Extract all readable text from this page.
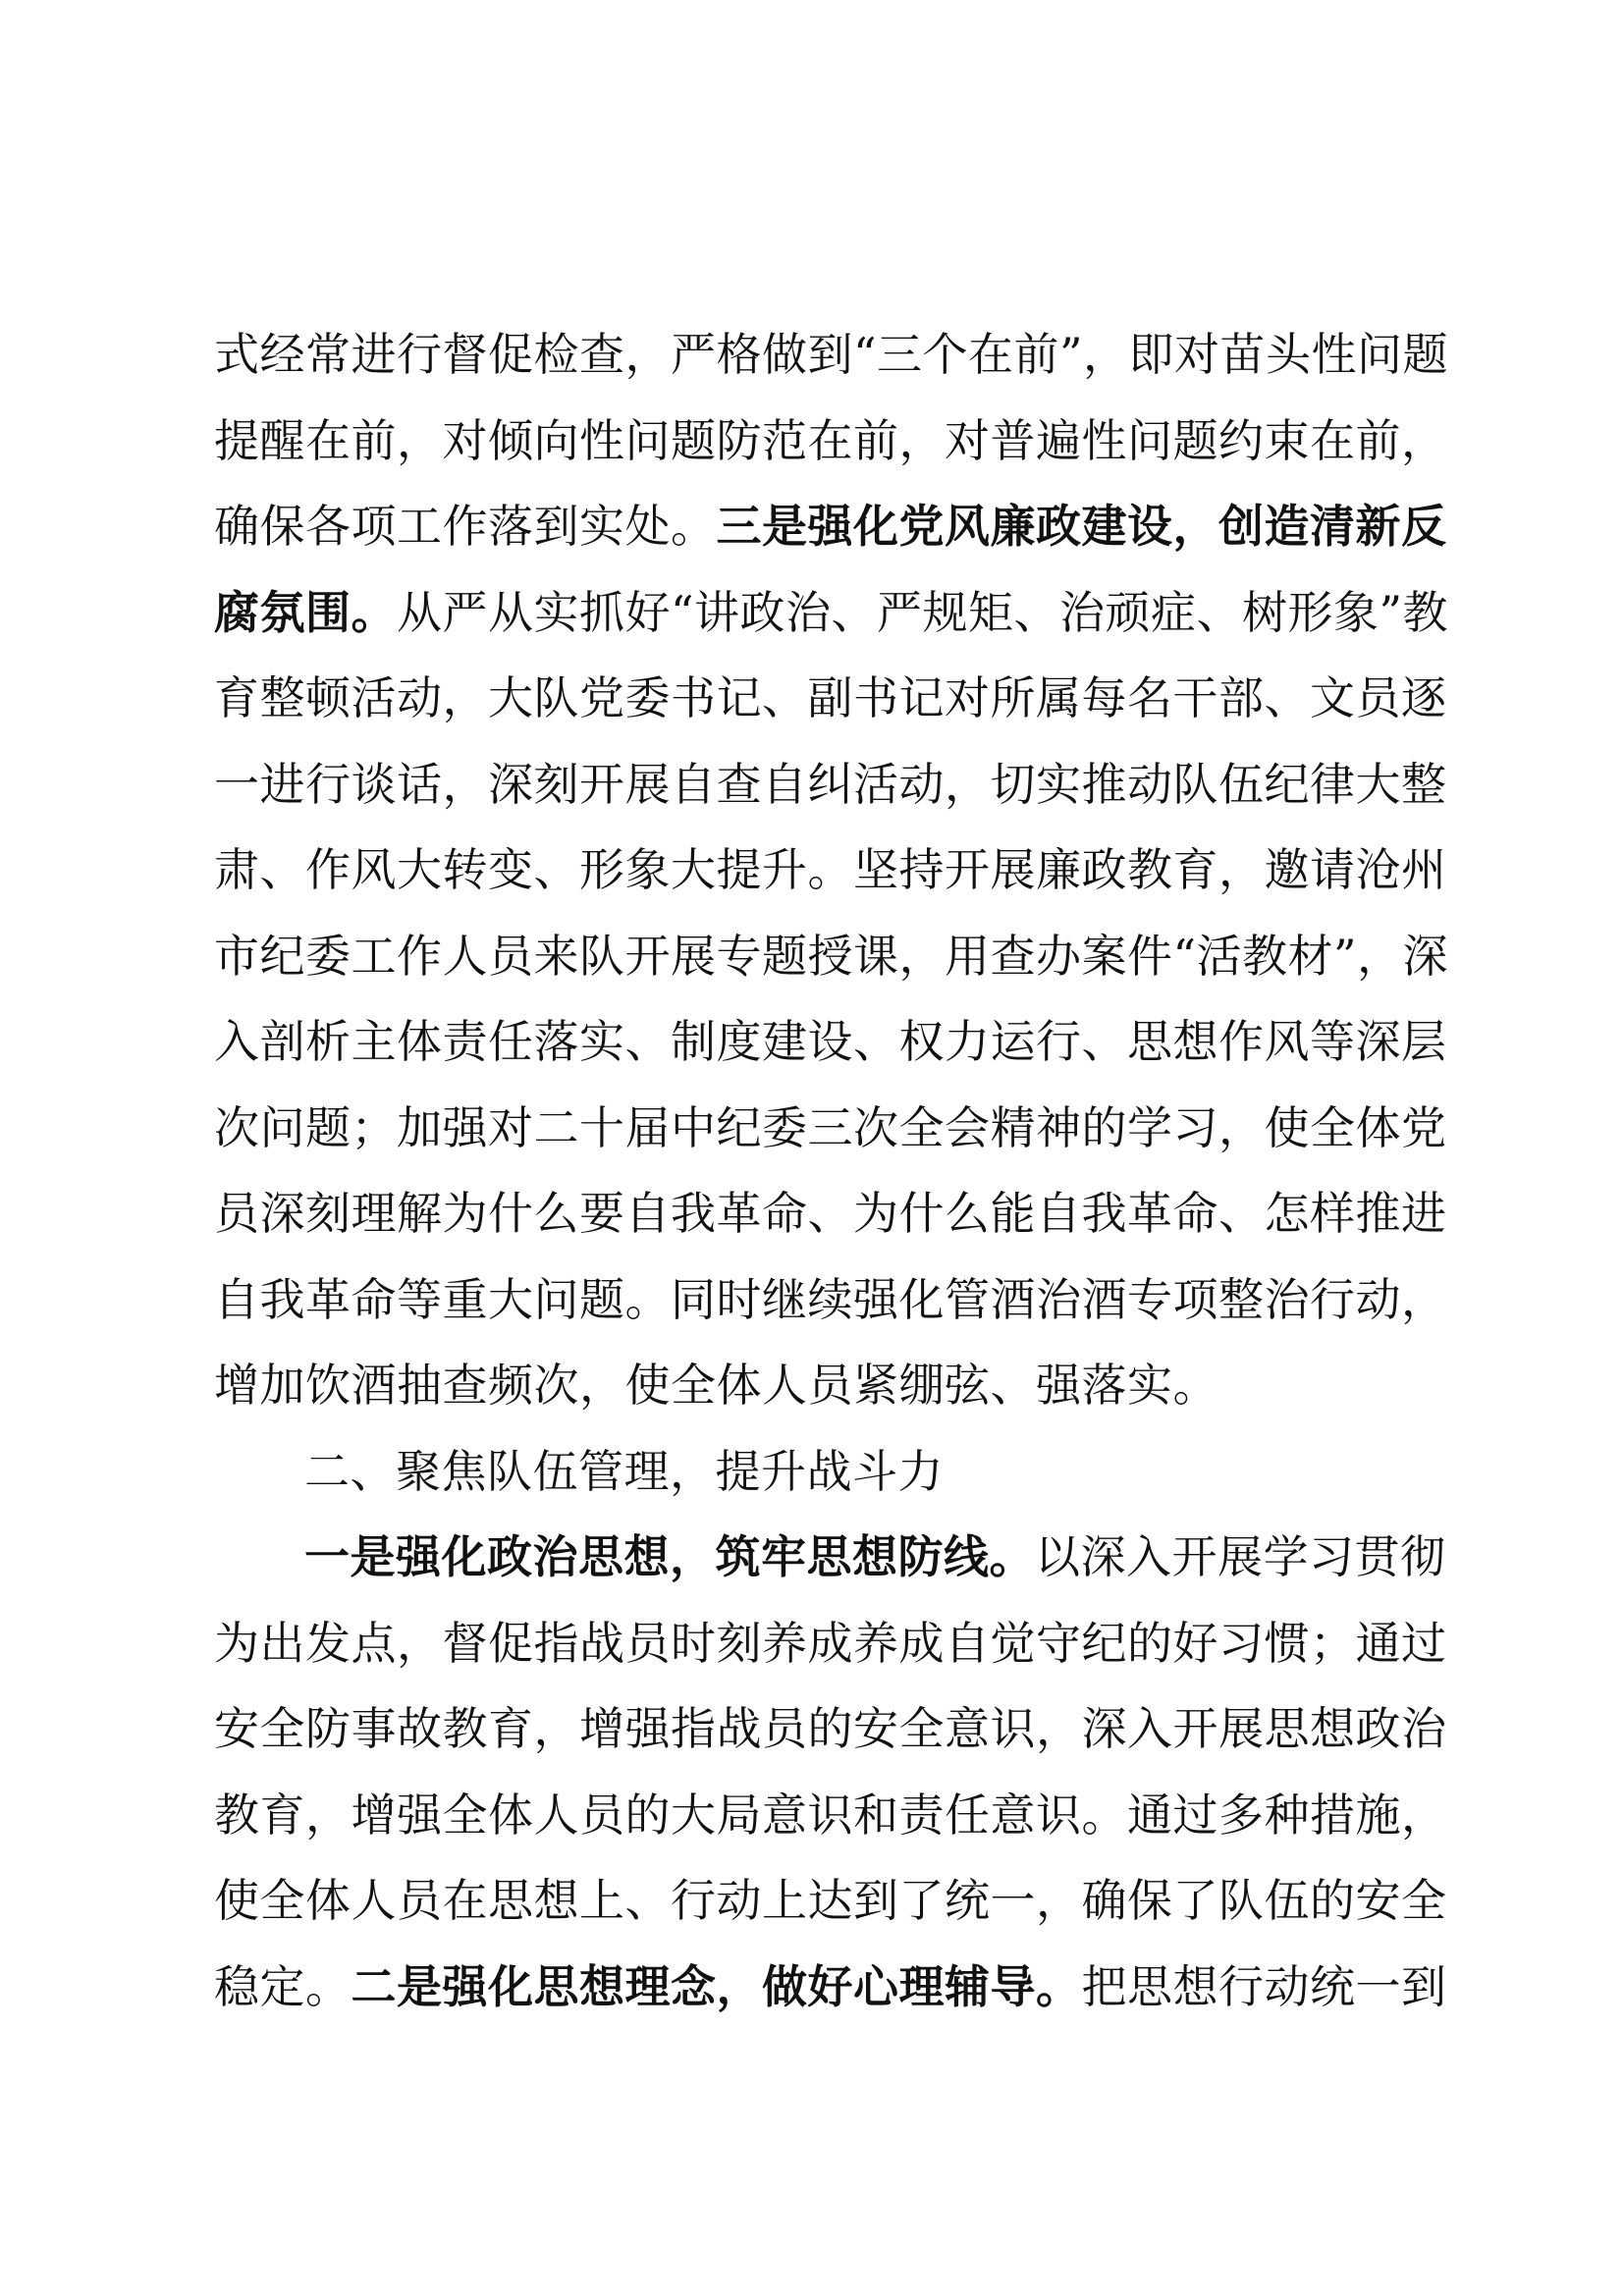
式经常进行督促检查，严格做到“三个在前”，即对苗头性问题
提醒在前，对倾向性问题防范在前，对普遍性问题约束在前，
确保各项工作落到实处。三是强化党风廉政建设，创造清新反
腐氛围。从严从实抓好“讲政治、严规矩、治顽症、树形象”教
育整顿活动，大队党委书记、副书记对所属每名干部、文员逐
一进行谈话，深刻开展自查自纠活动，切实推动队伍纪律大整
肃、作风大转变、形象大提升。坚持开展廉政教育，邀请沧州
市纪委工作人员来队开展专题授课，用查办案件“活教材”，深
入剖析主体责任落实、制度建设、权力运行、思想作风等深层
次问题；加强对二十届中纪委三次全会精神的学习，使全体党
员深刻理解为什么要自我革命、为什么能自我革命、怎样推进
自我革命等重大问题。同时继续强化管酒治酒专项整治行动，
增加饮酒抽查频次，使全体人员紧绷弦、强落实。
二、聚焦队伍管理，提升战斗力
一是强化政治思想，筑牢思想防线。以深入开展学习贯彻
为出发点，督促指战员时刻养成养成自觉守纪的好习惯；通过
安全防事故教育，增强指战员的安全意识，深入开展思想政治
教育，增强全体人员的大局意识和责任意识。通过多种措施，
使全体人员在思想上、行动上达到了统一，确保了队伍的安全
稳定。二是强化思想理念，做好心理辅导。把思想行动统一到
